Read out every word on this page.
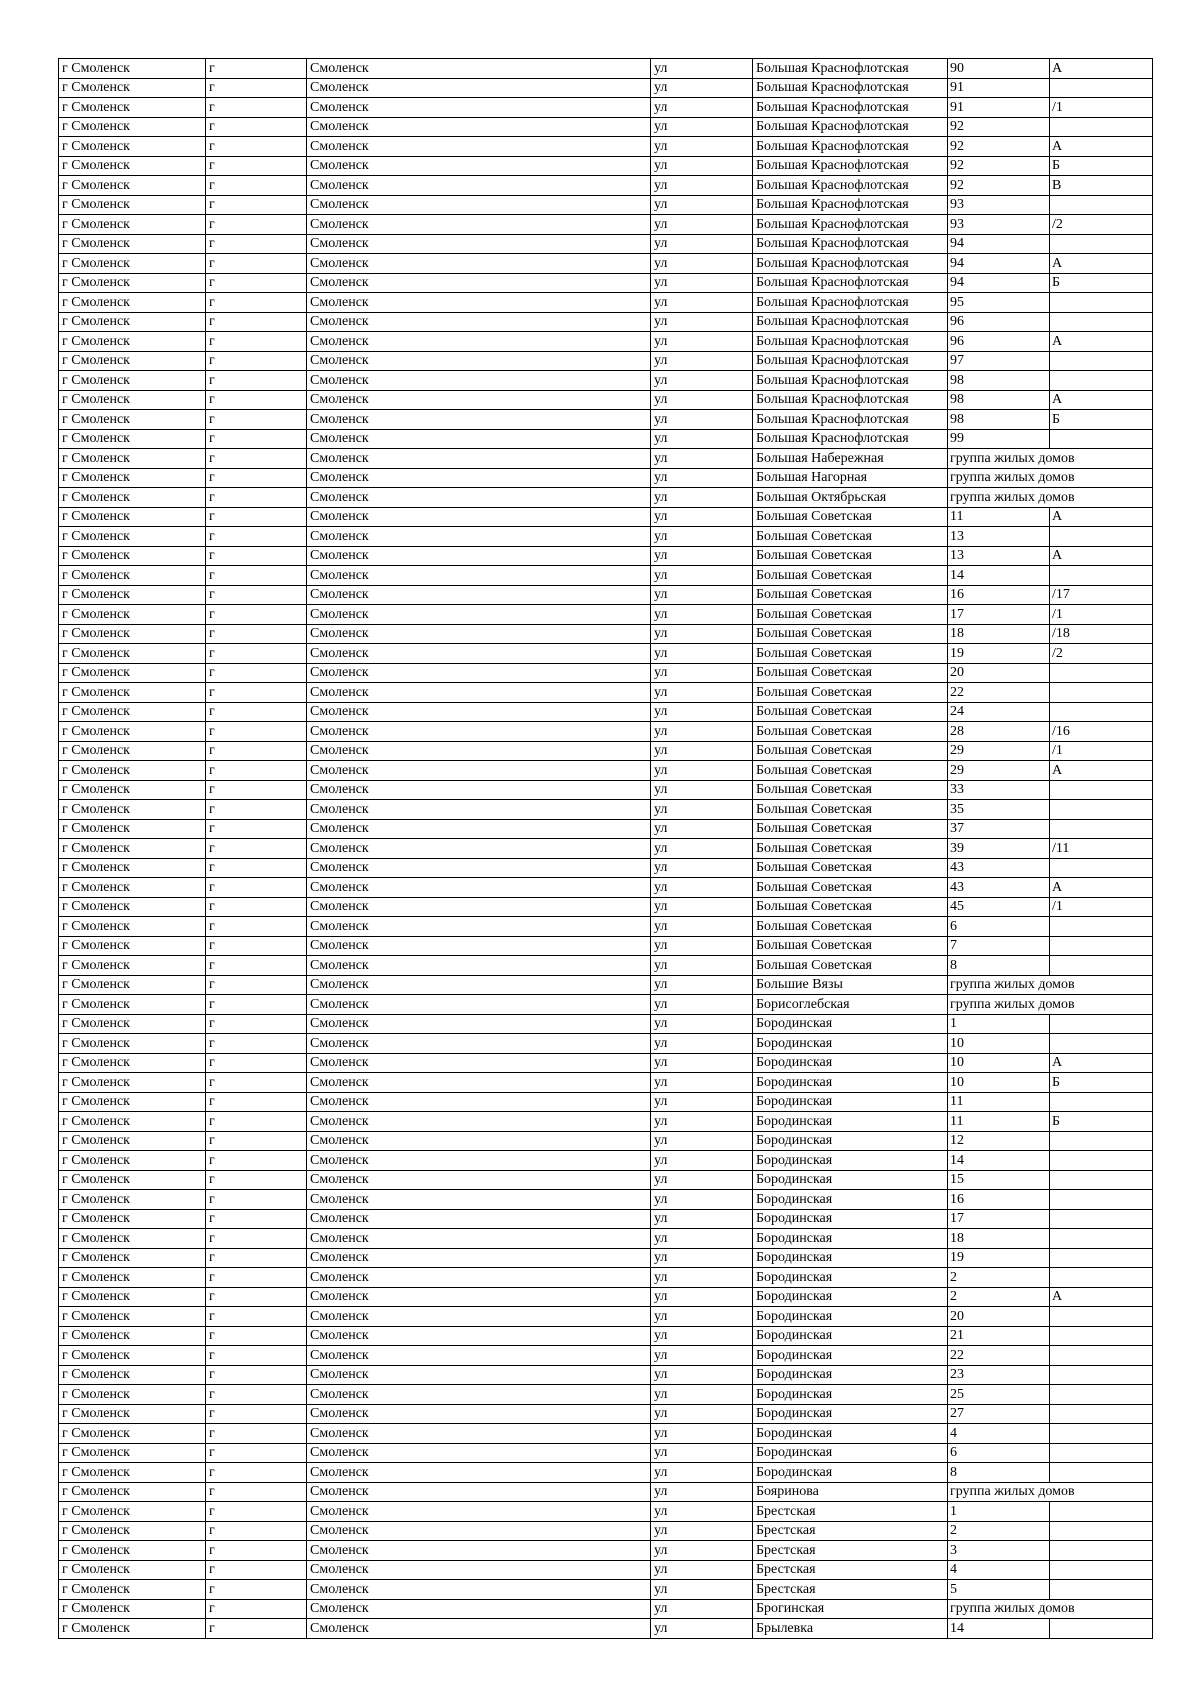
г Смоленск	г	Смоленск	ул	Большая Краснофлотская	90	А
г Смоленск	г	Смоленск	ул	Большая Краснофлотская	91	
г Смоленск	г	Смоленск	ул	Большая Краснофлотская	91	/1
г Смоленск	г	Смоленск	ул	Большая Краснофлотская	92	
г Смоленск	г	Смоленск	ул	Большая Краснофлотская	92	А
г Смоленск	г	Смоленск	ул	Большая Краснофлотская	92	Б
г Смоленск	г	Смоленск	ул	Большая Краснофлотская	92	В
г Смоленск	г	Смоленск	ул	Большая Краснофлотская	93	
г Смоленск	г	Смоленск	ул	Большая Краснофлотская	93	/2
г Смоленск	г	Смоленск	ул	Большая Краснофлотская	94	
г Смоленск	г	Смоленск	ул	Большая Краснофлотская	94	А
г Смоленск	г	Смоленск	ул	Большая Краснофлотская	94	Б
г Смоленск	г	Смоленск	ул	Большая Краснофлотская	95	
г Смоленск	г	Смоленск	ул	Большая Краснофлотская	96	
г Смоленск	г	Смоленск	ул	Большая Краснофлотская	96	А
г Смоленск	г	Смоленск	ул	Большая Краснофлотская	97	
г Смоленск	г	Смоленск	ул	Большая Краснофлотская	98	
г Смоленск	г	Смоленск	ул	Большая Краснофлотская	98	А
г Смоленск	г	Смоленск	ул	Большая Краснофлотская	98	Б
г Смоленск	г	Смоленск	ул	Большая Краснофлотская	99	
г Смоленск	г	Смоленск	ул	Большая Набережная	группа жилых домов	
г Смоленск	г	Смоленск	ул	Большая Нагорная	группа жилых домов	
г Смоленск	г	Смоленск	ул	Большая Октябрьская	группа жилых домов	
г Смоленск	г	Смоленск	ул	Большая Советская	11	А
г Смоленск	г	Смоленск	ул	Большая Советская	13	
г Смоленск	г	Смоленск	ул	Большая Советская	13	А
г Смоленск	г	Смоленск	ул	Большая Советская	14	
г Смоленск	г	Смоленск	ул	Большая Советская	16	/17
г Смоленск	г	Смоленск	ул	Большая Советская	17	/1
г Смоленск	г	Смоленск	ул	Большая Советская	18	/18
г Смоленск	г	Смоленск	ул	Большая Советская	19	/2
г Смоленск	г	Смоленск	ул	Большая Советская	20	
г Смоленск	г	Смоленск	ул	Большая Советская	22	
г Смоленск	г	Смоленск	ул	Большая Советская	24	
г Смоленск	г	Смоленск	ул	Большая Советская	28	/16
г Смоленск	г	Смоленск	ул	Большая Советская	29	/1
г Смоленск	г	Смоленск	ул	Большая Советская	29	А
г Смоленск	г	Смоленск	ул	Большая Советская	33	
г Смоленск	г	Смоленск	ул	Большая Советская	35	
г Смоленск	г	Смоленск	ул	Большая Советская	37	
г Смоленск	г	Смоленск	ул	Большая Советская	39	/11
г Смоленск	г	Смоленск	ул	Большая Советская	43	
г Смоленск	г	Смоленск	ул	Большая Советская	43	А
г Смоленск	г	Смоленск	ул	Большая Советская	45	/1
г Смоленск	г	Смоленск	ул	Большая Советская	6	
г Смоленск	г	Смоленск	ул	Большая Советская	7	
г Смоленск	г	Смоленск	ул	Большая Советская	8	
г Смоленск	г	Смоленск	ул	Большие Вязы	группа жилых домов	
г Смоленск	г	Смоленск	ул	Борисоглебская	группа жилых домов	
г Смоленск	г	Смоленск	ул	Бородинская	1	
г Смоленск	г	Смоленск	ул	Бородинская	10	
г Смоленск	г	Смоленск	ул	Бородинская	10	А
г Смоленск	г	Смоленск	ул	Бородинская	10	Б
г Смоленск	г	Смоленск	ул	Бородинская	11	
г Смоленск	г	Смоленск	ул	Бородинская	11	Б
г Смоленск	г	Смоленск	ул	Бородинская	12	
г Смоленск	г	Смоленск	ул	Бородинская	14	
г Смоленск	г	Смоленск	ул	Бородинская	15	
г Смоленск	г	Смоленск	ул	Бородинская	16	
г Смоленск	г	Смоленск	ул	Бородинская	17	
г Смоленск	г	Смоленск	ул	Бородинская	18	
г Смоленск	г	Смоленск	ул	Бородинская	19	
г Смоленск	г	Смоленск	ул	Бородинская	2	
г Смоленск	г	Смоленск	ул	Бородинская	2	А
г Смоленск	г	Смоленск	ул	Бородинская	20	
г Смоленск	г	Смоленск	ул	Бородинская	21	
г Смоленск	г	Смоленск	ул	Бородинская	22	
г Смоленск	г	Смоленск	ул	Бородинская	23	
г Смоленск	г	Смоленск	ул	Бородинская	25	
г Смоленск	г	Смоленск	ул	Бородинская	27	
г Смоленск	г	Смоленск	ул	Бородинская	4	
г Смоленск	г	Смоленск	ул	Бородинская	6	
г Смоленск	г	Смоленск	ул	Бородинская	8	
г Смоленск	г	Смоленск	ул	Бояринова	группа жилых домов	
г Смоленск	г	Смоленск	ул	Брестская	1	
г Смоленск	г	Смоленск	ул	Брестская	2	
г Смоленск	г	Смоленск	ул	Брестская	3	
г Смоленск	г	Смоленск	ул	Брестская	4	
г Смоленск	г	Смоленск	ул	Брестская	5	
г Смоленск	г	Смоленск	ул	Брогинская	группа жилых домов	
г Смоленск	г	Смоленск	ул	Брылевка	14	
